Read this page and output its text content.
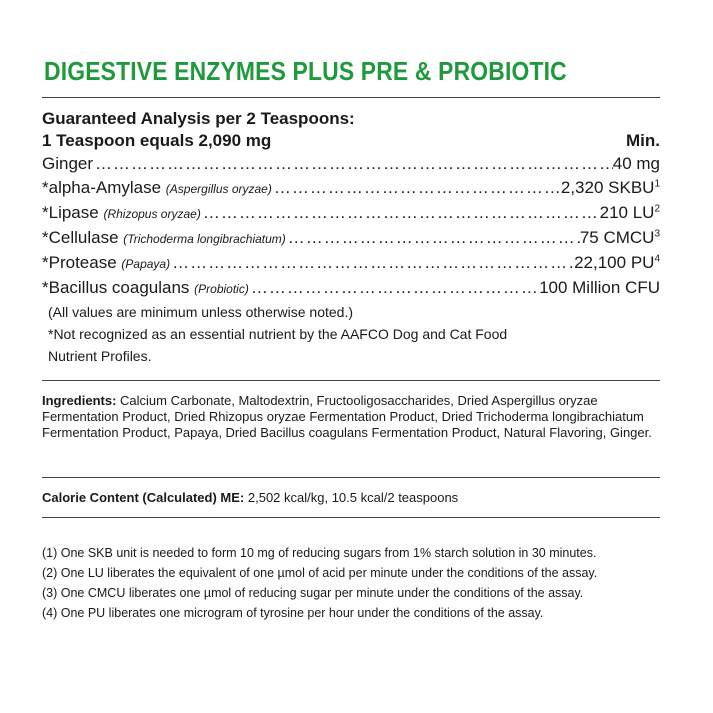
DIGESTIVE ENZYMES PLUS PRE & PROBIOTIC
Guaranteed Analysis per 2 Teaspoons:
1 Teaspoon equals 2,090 mg	Min.
Ginger …………………………………………………………………………………………………………………………………………………	40 mg
*alpha-Amylase (Aspergillus oryzae) …………………………………………………………………………………………………………………………………………………	2,320 SKBU$^1$
*Lipase (Rhizopus oryzae) …………………………………………………………………………………………………………………………………………………	210 $LU^2$
*Cellulase (Trichoderma longibrachiatum) …………………………………………………………………………………………………………………………………………………	75 CMCU$^3$
*Protease (Papaya) …………………………………………………………………………………………………………………………………………………	22,100 $PU^4$
*Bacillus coagulans (Probiotic) …………………………………………………………………………………………………………………………………………………	100 Million CFU
(All values are minimum unless otherwise noted.)
*Not recognized as an essential nutrient by the AAFCO Dog and Cat Food
Nutrient Profiles.
Ingredients: Calcium Carbonate, Maltodextrin, Fructooligosaccharides, Dried Aspergillus oryzae Fermentation Product, Dried Rhizopus oryzae Fermentation Product, Dried Trichoderma longibrachiatum Fermentation Product, Papaya, Dried Bacillus coagulans Fermentation Product, Natural Flavoring, Ginger.
Calorie Content (Calculated) ME: 2,502 kcal/kg, 10.5 kcal/2 teaspoons
(1) One SKB unit is needed to form 10 mg of reducing sugars from 1% starch solution in 30 minutes.
(2) One LU liberates the equivalent of one µmol of acid per minute under the conditions of the assay.
(3) One CMCU liberates one µmol of reducing sugar per minute under the conditions of the assay.
(4) One PU liberates one microgram of tyrosine per hour under the conditions of the assay.
